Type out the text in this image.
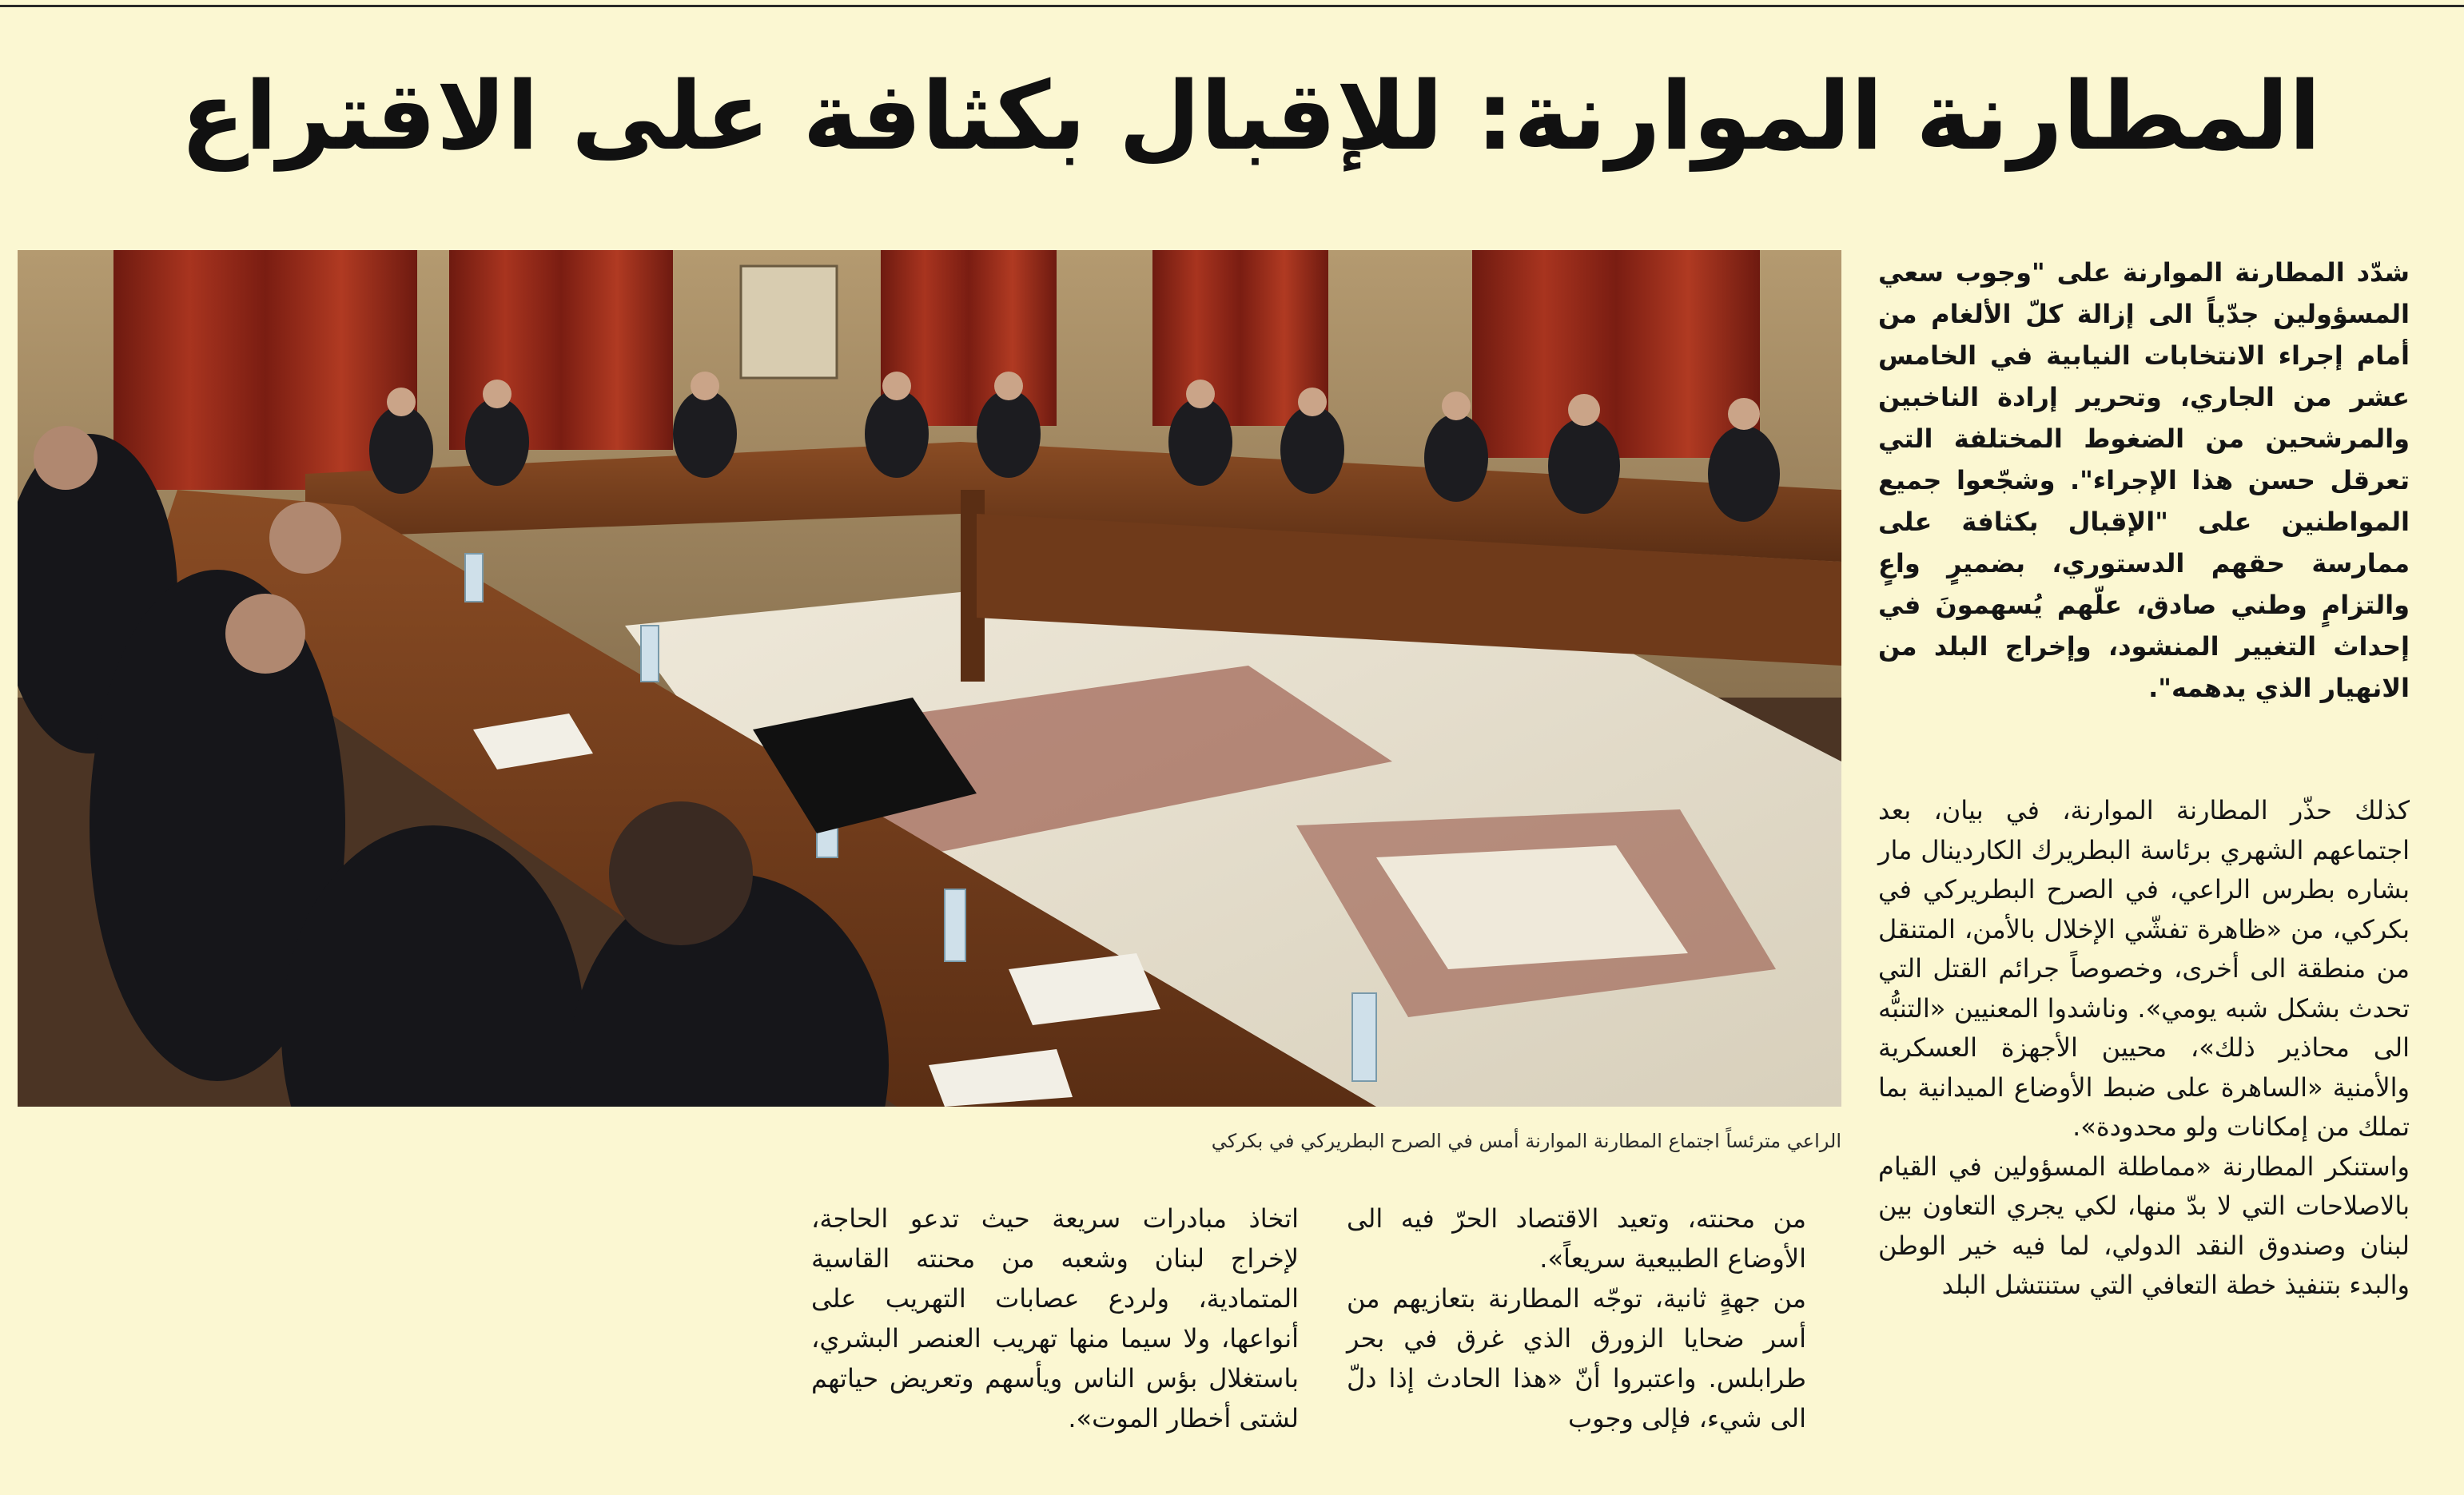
المطارنة الموارنة: للإقبال بكثافة على الاقتراع

شدّد المطارنة الموارنة على "وجوب سعي المسؤولين جدّياً الى إزالة كلّ الألغام من أمام إجراء الانتخابات النيابية في الخامس عشر من الجاري، وتحرير إرادة الناخبين والمرشحين من الضغوط المختلفة التي تعرقل حسن هذا الإجراء". وشجّعوا جميع المواطنين على "الإقبال بكثافة على ممارسة حقهم الدستوري، بضميرٍ واعٍ والتزامٍ وطني صادق، علّهم يُسهمونَ في إحداث التغيير المنشود، وإخراج البلد من الانهيار الذي يدهمه".

الراعي مترئساً اجتماع المطارنة الموارنة أمس في الصرح البطريركي في بكركي

كذلك حذّر المطارنة الموارنة، في بيان، بعد اجتماعهم الشهري برئاسة البطريرك الكاردينال مار بشاره بطرس الراعي، في الصرح البطريركي في بكركي، من «ظاهرة تفشّي الإخلال بالأمن، المتنقل من منطقة الى أخرى، وخصوصاً جرائم القتل التي تحدث بشكل شبه يومي». وناشدوا المعنيين «التنبُّه الى محاذير ذلك»، محيين الأجهزة العسكرية والأمنية «الساهرة على ضبط الأوضاع الميدانية بما تملك من إمكانات ولو محدودة».

واستنكر المطارنة «مماطلة المسؤولين في القيام بالاصلاحات التي لا بدّ منها، لكي يجري التعاون بين لبنان وصندوق النقد الدولي، لما فيه خير الوطن والبدء بتنفيذ خطة التعافي التي ستنتشل البلد

من محنته، وتعيد الاقتصاد الحرّ فيه الى الأوضاع الطبيعية سريعاً».

من جهةٍ ثانية، توجّه المطارنة بتعازيهم من أسر ضحايا الزورق الذي غرق في بحر طرابلس. واعتبروا أنّ «هذا الحادث إذا دلّ الى شيء، فإلى وجوب

اتخاذ مبادرات سريعة حيث تدعو الحاجة، لإخراج لبنان وشعبه من محنته القاسية المتمادية، ولردع عصابات التهريب على أنواعها، ولا سيما منها تهريب العنصر البشري، باستغلال بؤس الناس ويأسهم وتعريض حياتهم لشتى أخطار الموت».
